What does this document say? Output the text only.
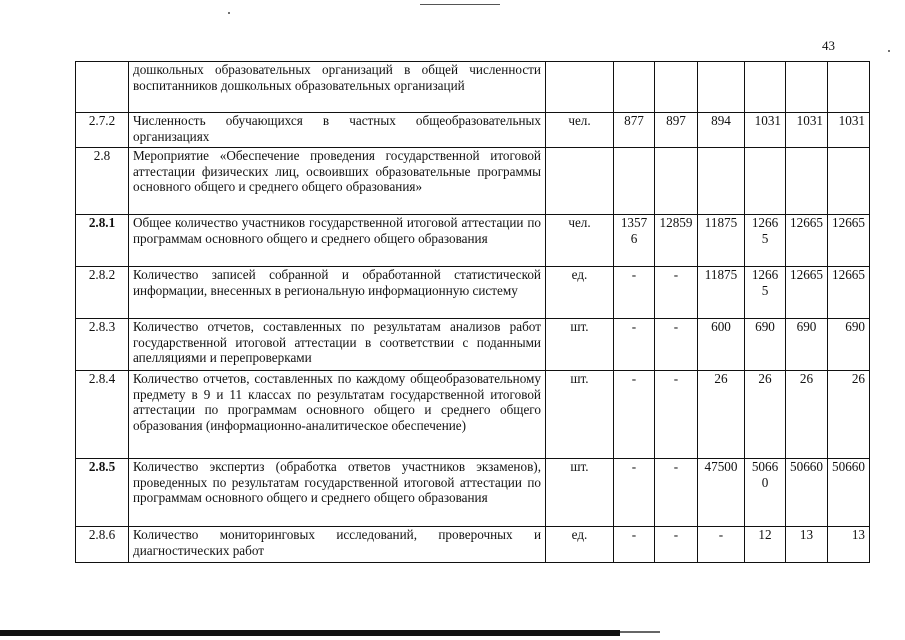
43
	дошкольных образовательных организаций в общей численности воспитанников дошкольных образовательных организаций							
2.7.2	Численность обучающихся в частных общеобразовательных организациях	чел.	877	897	894	1031	1031	1031
2.8	Мероприятие «Обеспечение проведения государственной итоговой аттестации физических лиц, освоивших образовательные программы основного общего и среднего общего образования»							
2.8.1	Общее количество участников государственной итоговой аттестации по программам основного общего и среднего общего образования	чел.	13576	12859	11875	12665	12665	12665
2.8.2	Количество записей собранной и обработанной статистической информации, внесенных в региональную информационную систему	ед.	-	-	11875	12665	12665	12665
2.8.3	Количество отчетов, составленных по результатам анализов работ государственной итоговой аттестации в соответствии с поданными апелляциями и перепроверками	шт.	-	-	600	690	690	690
2.8.4	Количество отчетов, составленных по каждому общеобразовательному предмету в 9 и 11 классах по результатам государственной итоговой аттестации по программам основного общего и среднего общего образования (информационно-аналитическое обеспечение)	шт.	-	-	26	26	26	26
2.8.5	Количество экспертиз (обработка ответов участников экзаменов), проведенных по результатам государственной итоговой аттестации по программам основного общего и среднего общего образования	шт.	-	-	47500	50660	50660	50660
2.8.6	Количество мониторинговых исследований, проверочных и диагностических работ	ед.	-	-	-	12	13	13
